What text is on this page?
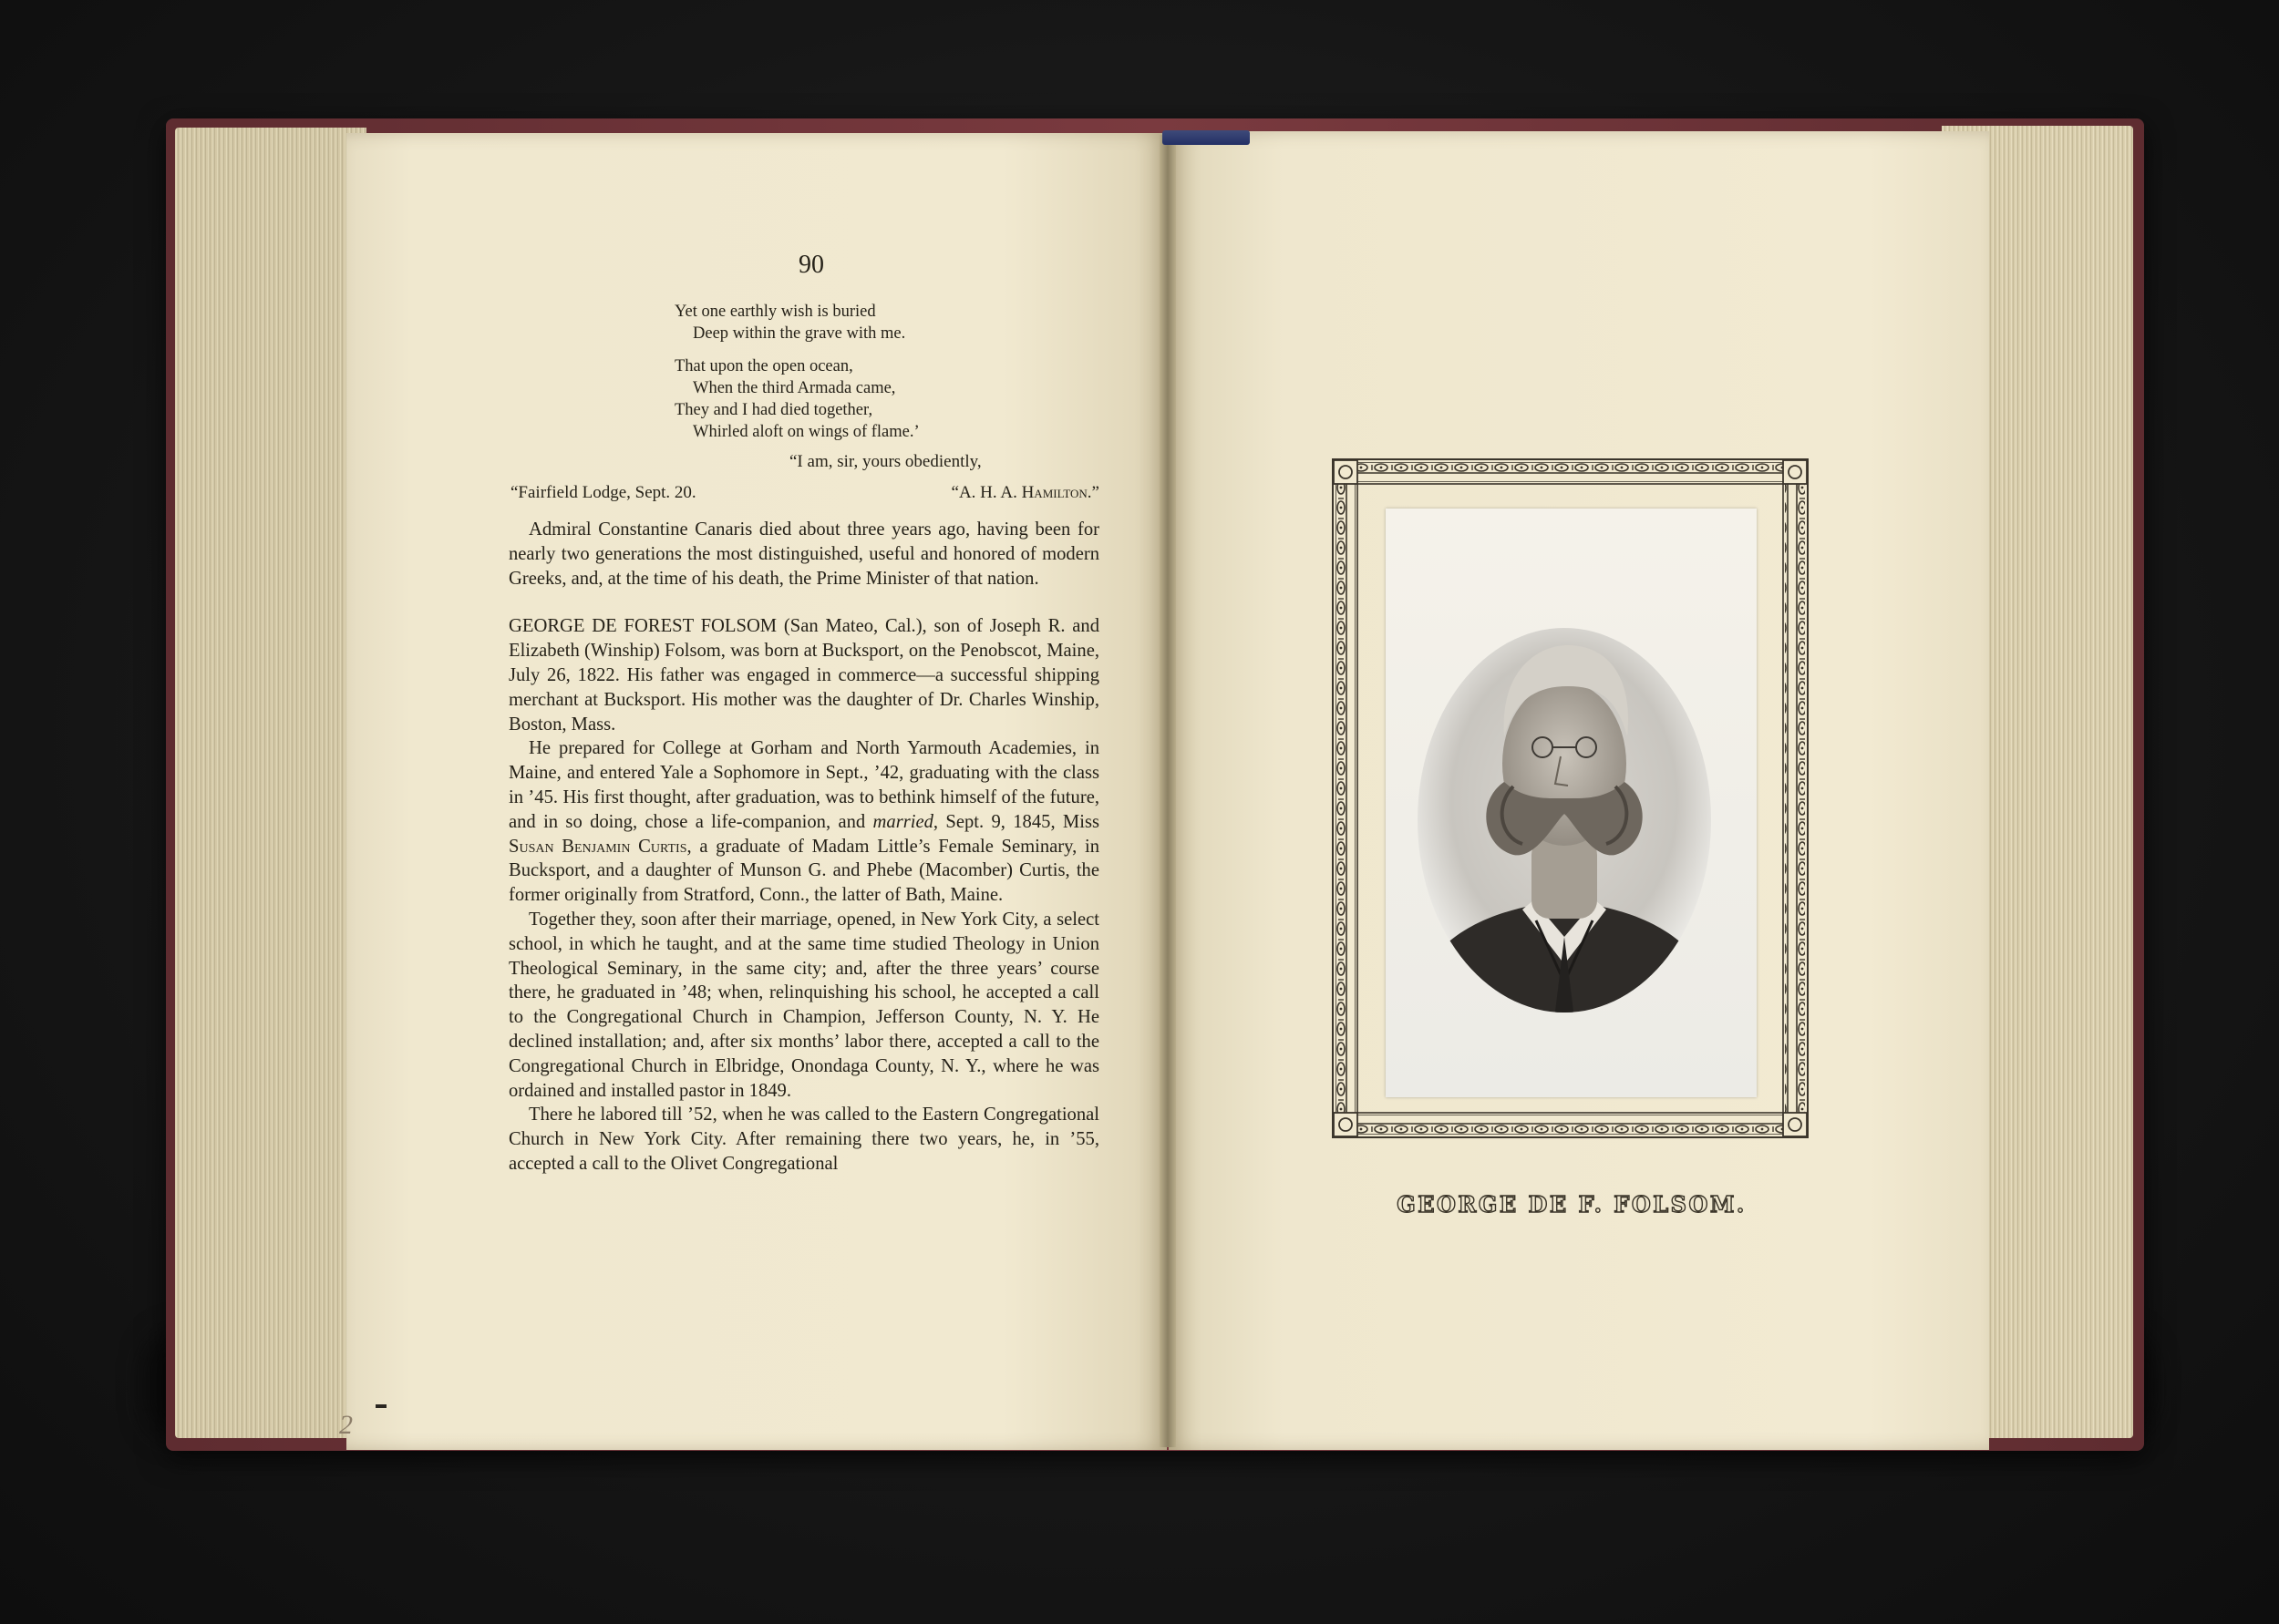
90
Yet one earthly wish is buried
Deep within the grave with me.
That upon the open ocean,

When the third Armada came,
They and I had died together,
Whirled aloft on wings of flame.’
“I am, sir, yours obediently,
“Fairfield Lodge, Sept. 20.	“A. H. A. Hamilton.”

Admiral Constantine Canaris died about three years ago, having been for nearly two generations the most distinguished, useful and honored of modern Greeks, and, at the time of his death, the Prime Minister of that nation.

GEORGE DE FOREST FOLSOM (San Mateo, Cal.), son of Joseph R. and Elizabeth (Winship) Folsom, was born at Bucksport, on the Penobscot, Maine, July 26, 1822. His father was engaged in commerce—a successful shipping merchant at Bucksport. His mother was the daughter of Dr. Charles Winship, Boston, Mass.

He prepared for College at Gorham and North Yarmouth Academies, in Maine, and entered Yale a Sophomore in Sept., ’42, graduating with the class in ’45. His first thought, after graduation, was to bethink himself of the future, and in so doing, chose a life-companion, and married, Sept. 9, 1845, Miss Susan Benjamin Curtis, a graduate of Madam Little’s Female Seminary, in Bucksport, and a daughter of Munson G. and Phebe (Macomber) Curtis, the former originally from Stratford, Conn., the latter of Bath, Maine.

Together they, soon after their marriage, opened, in New York City, a select school, in which he taught, and at the same time studied Theology in Union Theological Seminary, in the same city; and, after the three years’ course there, he graduated in ’48; when, relinquishing his school, he accepted a call to the Congregational Church in Champion, Jefferson County, N. Y. He declined installation; and, after six months’ labor there, accepted a call to the Congregational Church in Elbridge, Onondaga County, N. Y., where he was ordained and installed pastor in 1849.

There he labored till ’52, when he was called to the Eastern Congregational Church in New York City. After remaining there two years, he, in ’55, accepted a call to the Olivet Congregational

2
GEORGE DE F. FOLSOM.
